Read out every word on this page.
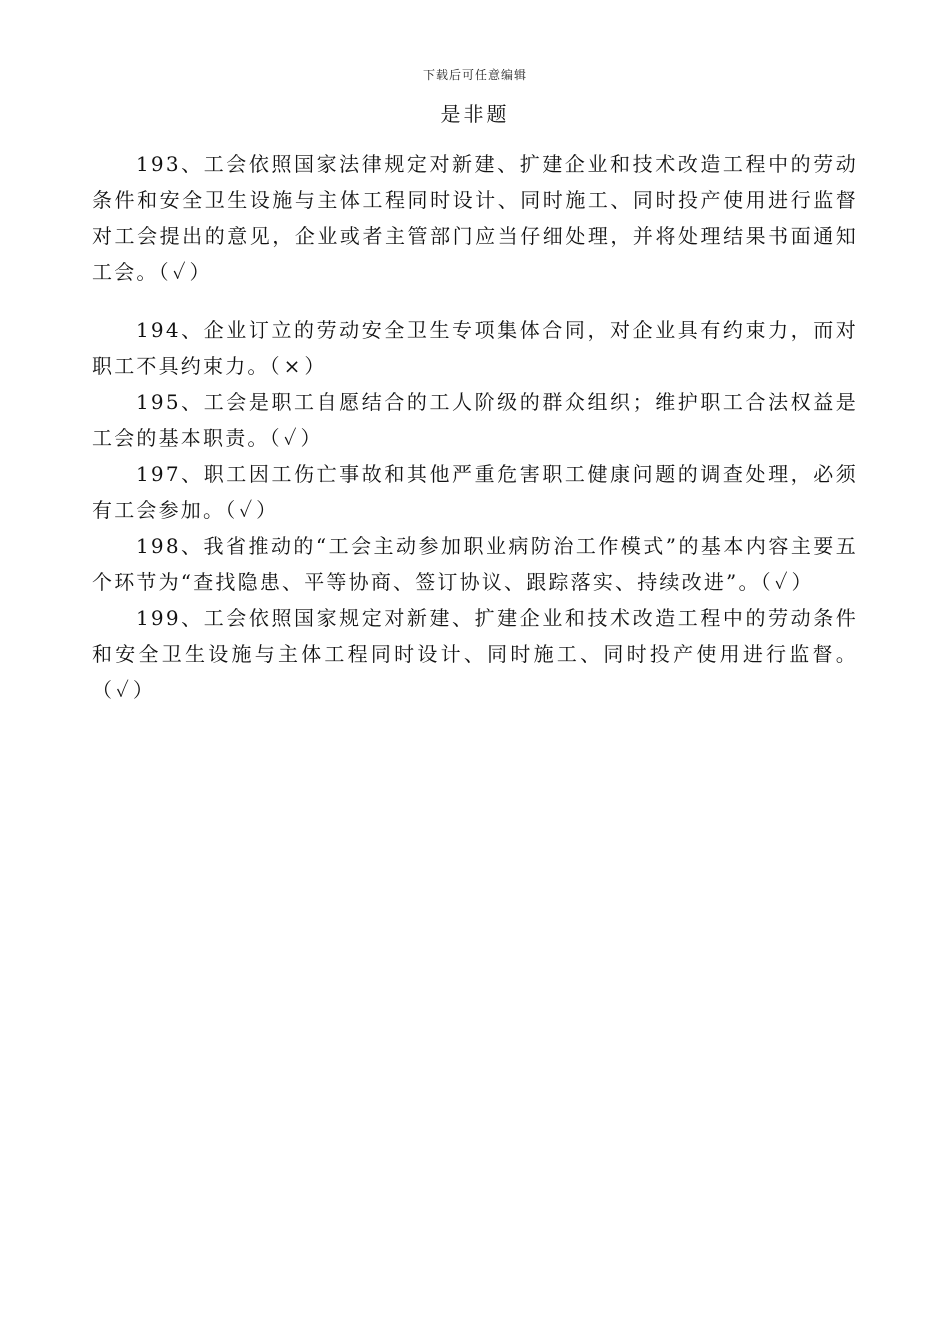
下载后可任意编辑
是非题

193、工会依照国家法律规定对新建、扩建企业和技术改造工程中的劳动条件和安全卫生设施与主体工程同时设计、同时施工、同时投产使用进行监督对工会提出的意见，企业或者主管部门应当仔细处理，并将处理结果书面通知工会。（✓）

194、企业订立的劳动安全卫生专项集体合同，对企业具有约束力，而对职工不具约束力。（×）

195、工会是职工自愿结合的工人阶级的群众组织；维护职工合法权益是工会的基本职责。（✓）

197、职工因工伤亡事故和其他严重危害职工健康问题的调查处理，必须有工会参加。（✓）

198、我省推动的“工会主动参加职业病防治工作模式”的基本内容主要五个环节为“查找隐患、平等协商、签订协议、跟踪落实、持续改进”。（✓）

199、工会依照国家规定对新建、扩建企业和技术改造工程中的劳动条件和安全卫生设施与主体工程同时设计、同时施工、同时投产使用进行监督。（✓）
